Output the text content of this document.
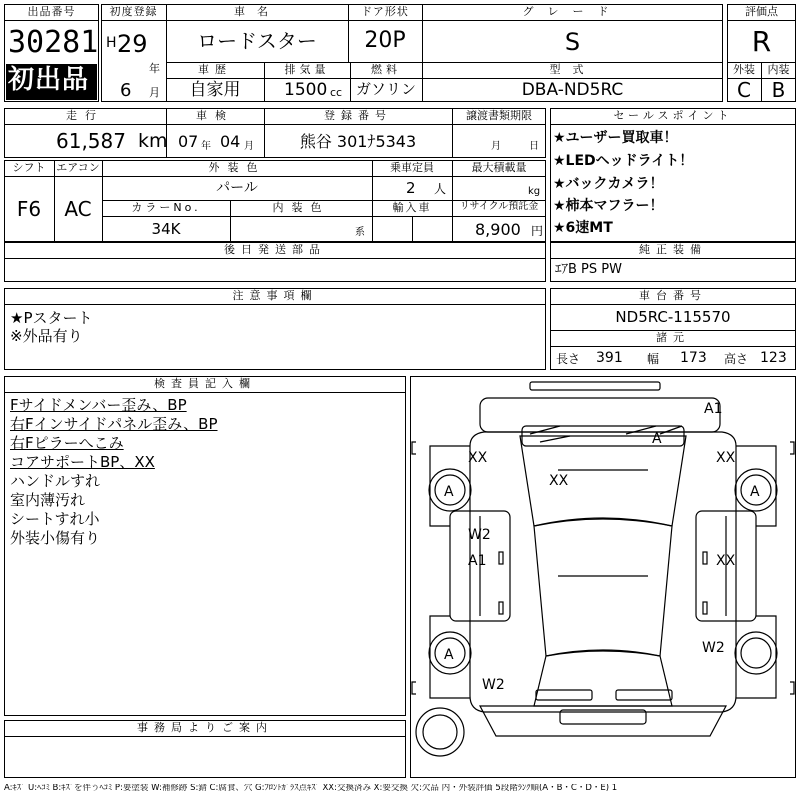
出品番号
30281
初出品
初度登録
H 29
年
6 月
車名
ロードスター
ドア形状
20P
グレード
S
車歴
自家用
排気量
1500 cc
燃料
ガソリン
型式
DBA-ND5RC
評価点
R
外装	内装
C	B
走行
61,587 km
車検
07 年 04 月
登録番号
熊谷 301ﾅ5343
譲渡書類期限
月	日
セールスポイント
★ユーザー買取車！
★LEDヘッドライト！
★バックカメラ！
★柿本マフラー！
★6速MT
シフト
F6
エアコン
AC
外装色
パール
乗車定員
2 人
最大積載量
kg
カラーNo.
34K
内装色
系
輸入車	リサイクル預託金
8,900 円
後日発送部品	純正装備
ｴｱB PS PW
注意事項欄
★Pスタート
※外品有り
車台番号
ND5RC-115570
諸元
長さ 391 幅 173 高さ 123
検査員記入欄
Fサイドメンバー歪み、BP
右Fインサイドパネル歪み、BP
右Fピラーへこみ
コアサポートBP、XX
ハンドルすれ
室内薄汚れ
シートすれ小
外装小傷有り
事務局よりご案内
A1
A
XX
XX
XX
A	A
W2
A1	XX
A	W2
W2
A:ｷｽﾞ U:ﾍｺﾐ B:ｷｽﾞを伴うﾍｺﾐ P:要塗装 W:補修跡 S:錆 C:腐食、穴 G:ﾌﾛﾝﾄｶﾞﾗｽ点ｷｽﾞ XX:交換済み X:要交換 欠:欠品 内・外装評価 5段階ﾗﾝｸ順(A・B・C・D・E) 1
